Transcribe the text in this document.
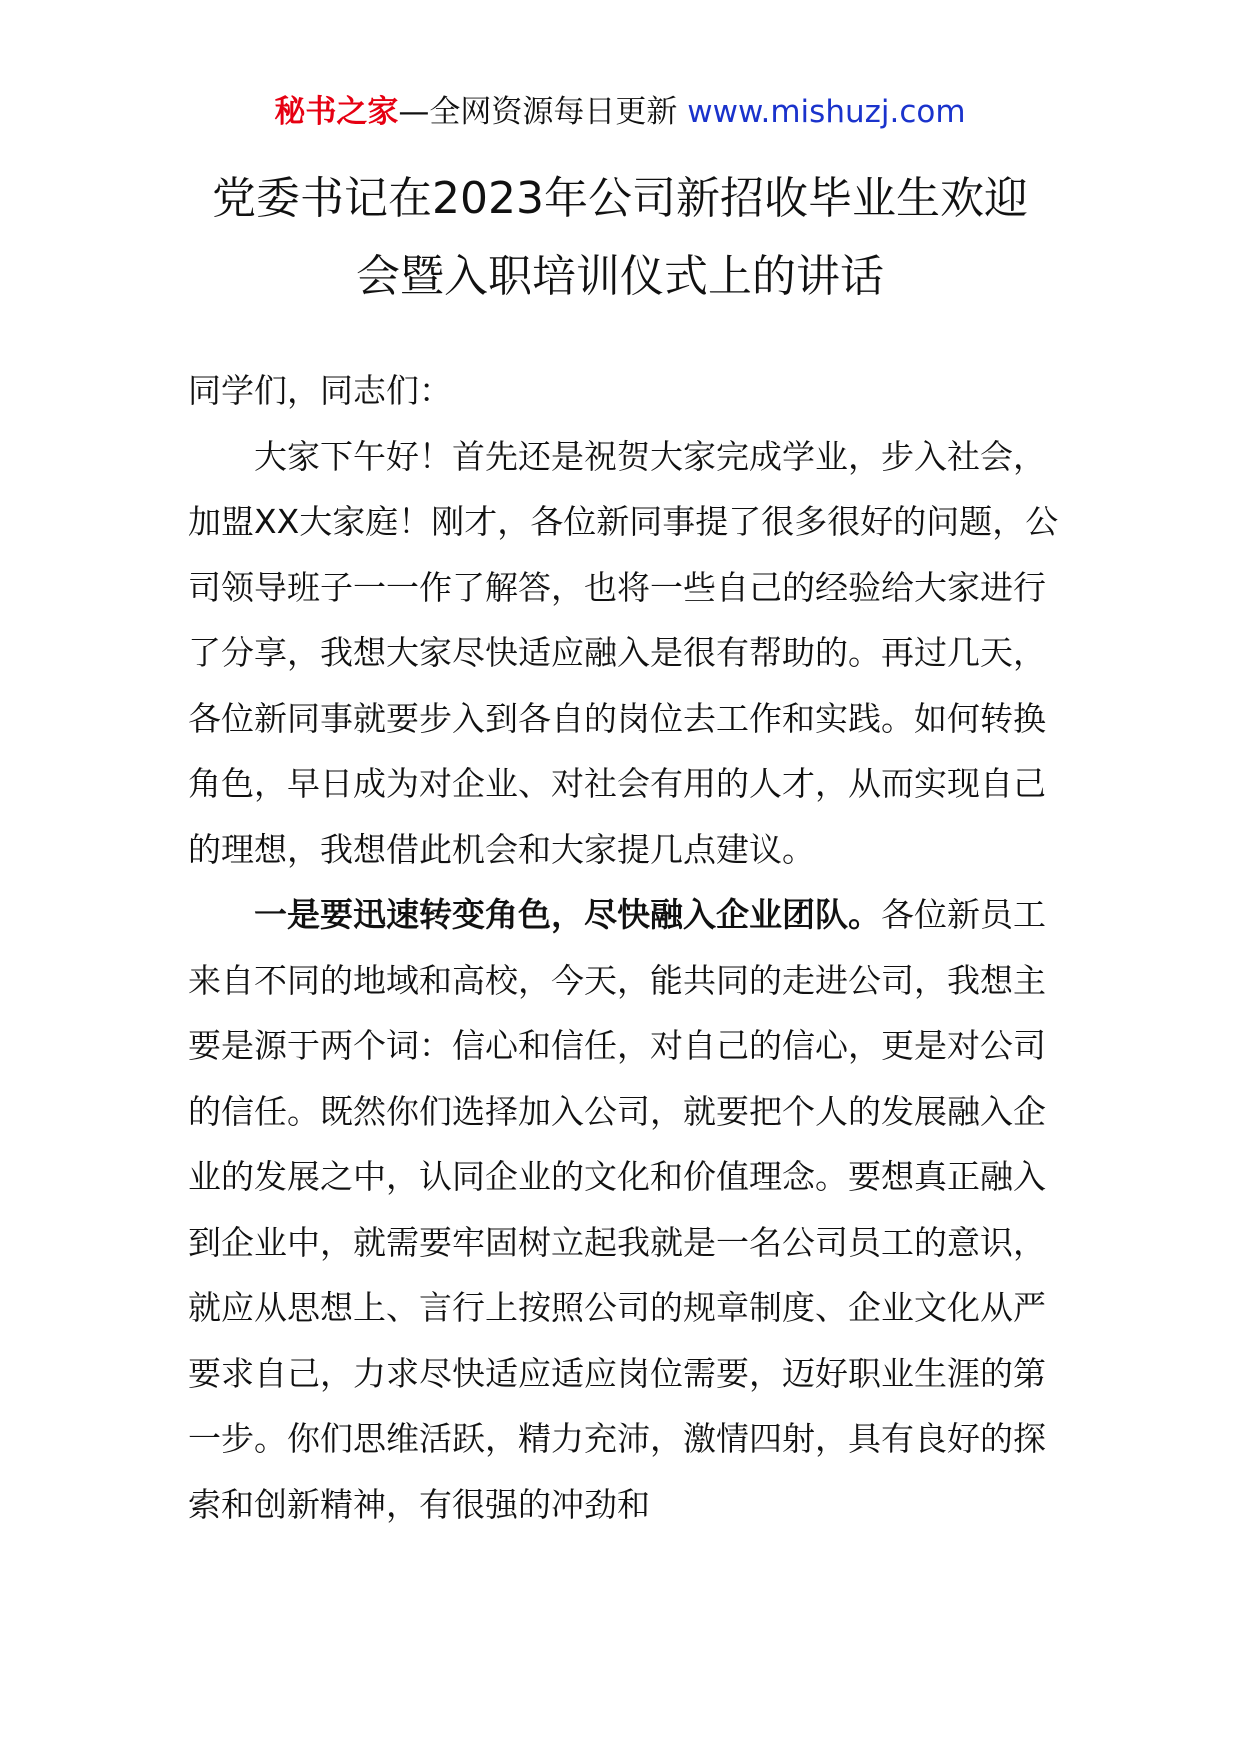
秘书之家—全网资源每日更新 www.mishuzj.com
党委书记在2023年公司新招收毕业生欢迎
会暨入职培训仪式上的讲话

同学们，同志们：

大家下午好！首先还是祝贺大家完成学业，步入社会，加盟XX大家庭！刚才，各位新同事提了很多很好的问题，公司领导班子一一作了解答，也将一些自己的经验给大家进行了分享，我想大家尽快适应融入是很有帮助的。再过几天，各位新同事就要步入到各自的岗位去工作和实践。如何转换角色，早日成为对企业、对社会有用的人才，从而实现自己的理想，我想借此机会和大家提几点建议。

一是要迅速转变角色，尽快融入企业团队。各位新员工来自不同的地域和高校，今天，能共同的走进公司，我想主要是源于两个词：信心和信任，对自己的信心，更是对公司的信任。既然你们选择加入公司，就要把个人的发展融入企业的发展之中，认同企业的文化和价值理念。要想真正融入到企业中，就需要牢固树立起我就是一名公司员工的意识，就应从思想上、言行上按照公司的规章制度、企业文化从严要求自己，力求尽快适应适应岗位需要，迈好职业生涯的第一步。你们思维活跃，精力充沛，激情四射，具有良好的探索和创新精神，有很强的冲劲和
